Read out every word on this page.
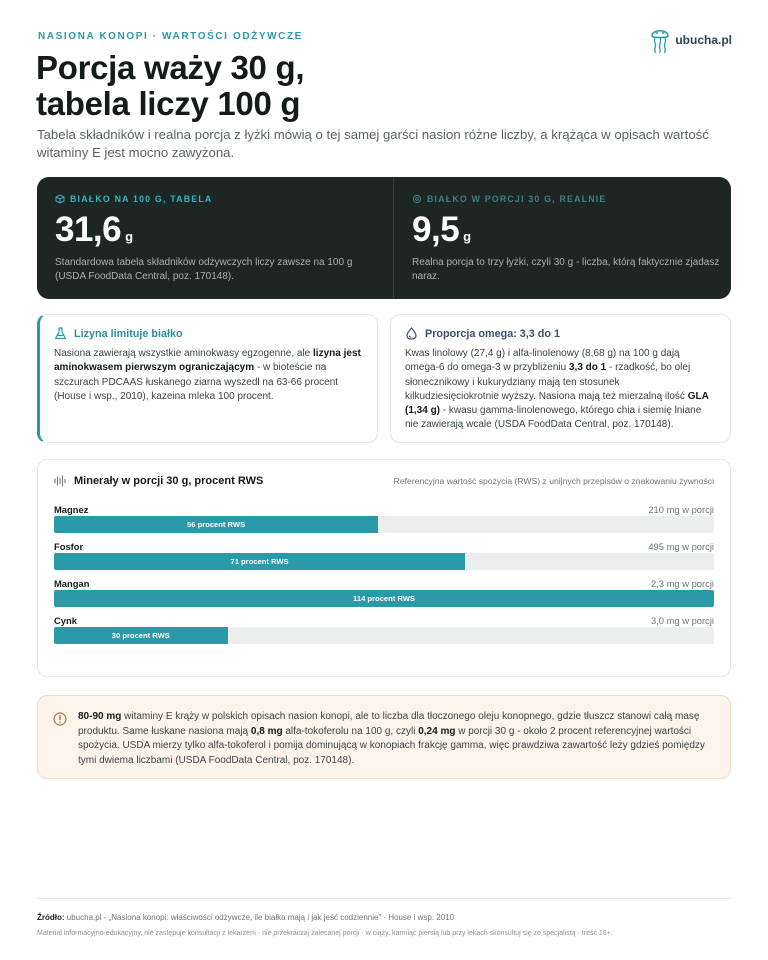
NASIONA KONOPI · WARTOŚCI ODŻYWCZE	ubucha.pl
Porcja waży 30 g,
tabela liczy 100 g

Tabela składników i realna porcja z łyżki mówią o tej samej garści nasion różne liczby, a krążąca w opisach wartość witaminy E jest mocno zawyżona.

BIAŁKO NA 100 G, TABELA
31,6 g
Standardowa tabela składników odżywczych liczy zawsze na 100 g (USDA FoodData Central, poz. 170148).
BIAŁKO W PORCJI 30 G, REALNIE
9,5 g
Realna porcja to trzy łyżki, czyli 30 g - liczba, którą faktycznie zjadasz naraz.
Lizyna limituje białko
Nasiona zawierają wszystkie aminokwasy egzogenne, ale lizyna jest aminokwasem pierwszym ograniczającym - w bioteście na szczurach PDCAAS łuskanego ziarna wyszedł na 63-66 procent (House i wsp., 2010), kazeina mleka 100 procent.
Proporcja omega: 3,3 do 1
Kwas linolowy (27,4 g) i alfa-linolenowy (8,68 g) na 100 g dają omega-6 do omega-3 w przybliżeniu 3,3 do 1 - rzadkość, bo olej słonecznikowy i kukurydziany mają ten stosunek kilkudziesięciokrotnie wyższy. Nasiona mają też mierzalną ilość GLA (1,34 g) - kwasu gamma-linolenowego, którego chia i siemię lniane nie zawierają wcale (USDA FoodData Central, poz. 170148).
Minerały w porcji 30 g, procent RWS	Referencyjna wartość spożycia (RWS) z unijnych przepisów o znakowaniu żywności
Magnez	210 mg w porcji
56 procent RWS
Fosfor	495 mg w porcji
71 procent RWS
Mangan	2,3 mg w porcji
114 procent RWS
Cynk	3,0 mg w porcji
30 procent RWS
80-90 mg witaminy E krąży w polskich opisach nasion konopi, ale to liczba dla tłoczonego oleju konopnego, gdzie tłuszcz stanowi całą masę produktu. Same łuskane nasiona mają 0,8 mg alfa-tokoferolu na 100 g, czyli 0,24 mg w porcji 30 g - około 2 procent referencyjnej wartości spożycia. USDA mierzy tylko alfa-tokoferol i pomija dominującą w konopiach frakcję gamma, więc prawdziwa zawartość leży gdzieś pomiędzy tymi dwiema liczbami (USDA FoodData Central, poz. 170148).
Źródło: ubucha.pl - „Nasiona konopi: właściwości odżywcze, ile białka mają i jak jeść codziennie” · House i wsp. 2010
Materiał informacyjno-edukacyjny, nie zastępuje konsultacji z lekarzem · nie przekraczaj zalecanej porcji · w ciąży, karmiąc piersią lub przy lekach skonsultuj się ze specjalistą · treść 18+.
